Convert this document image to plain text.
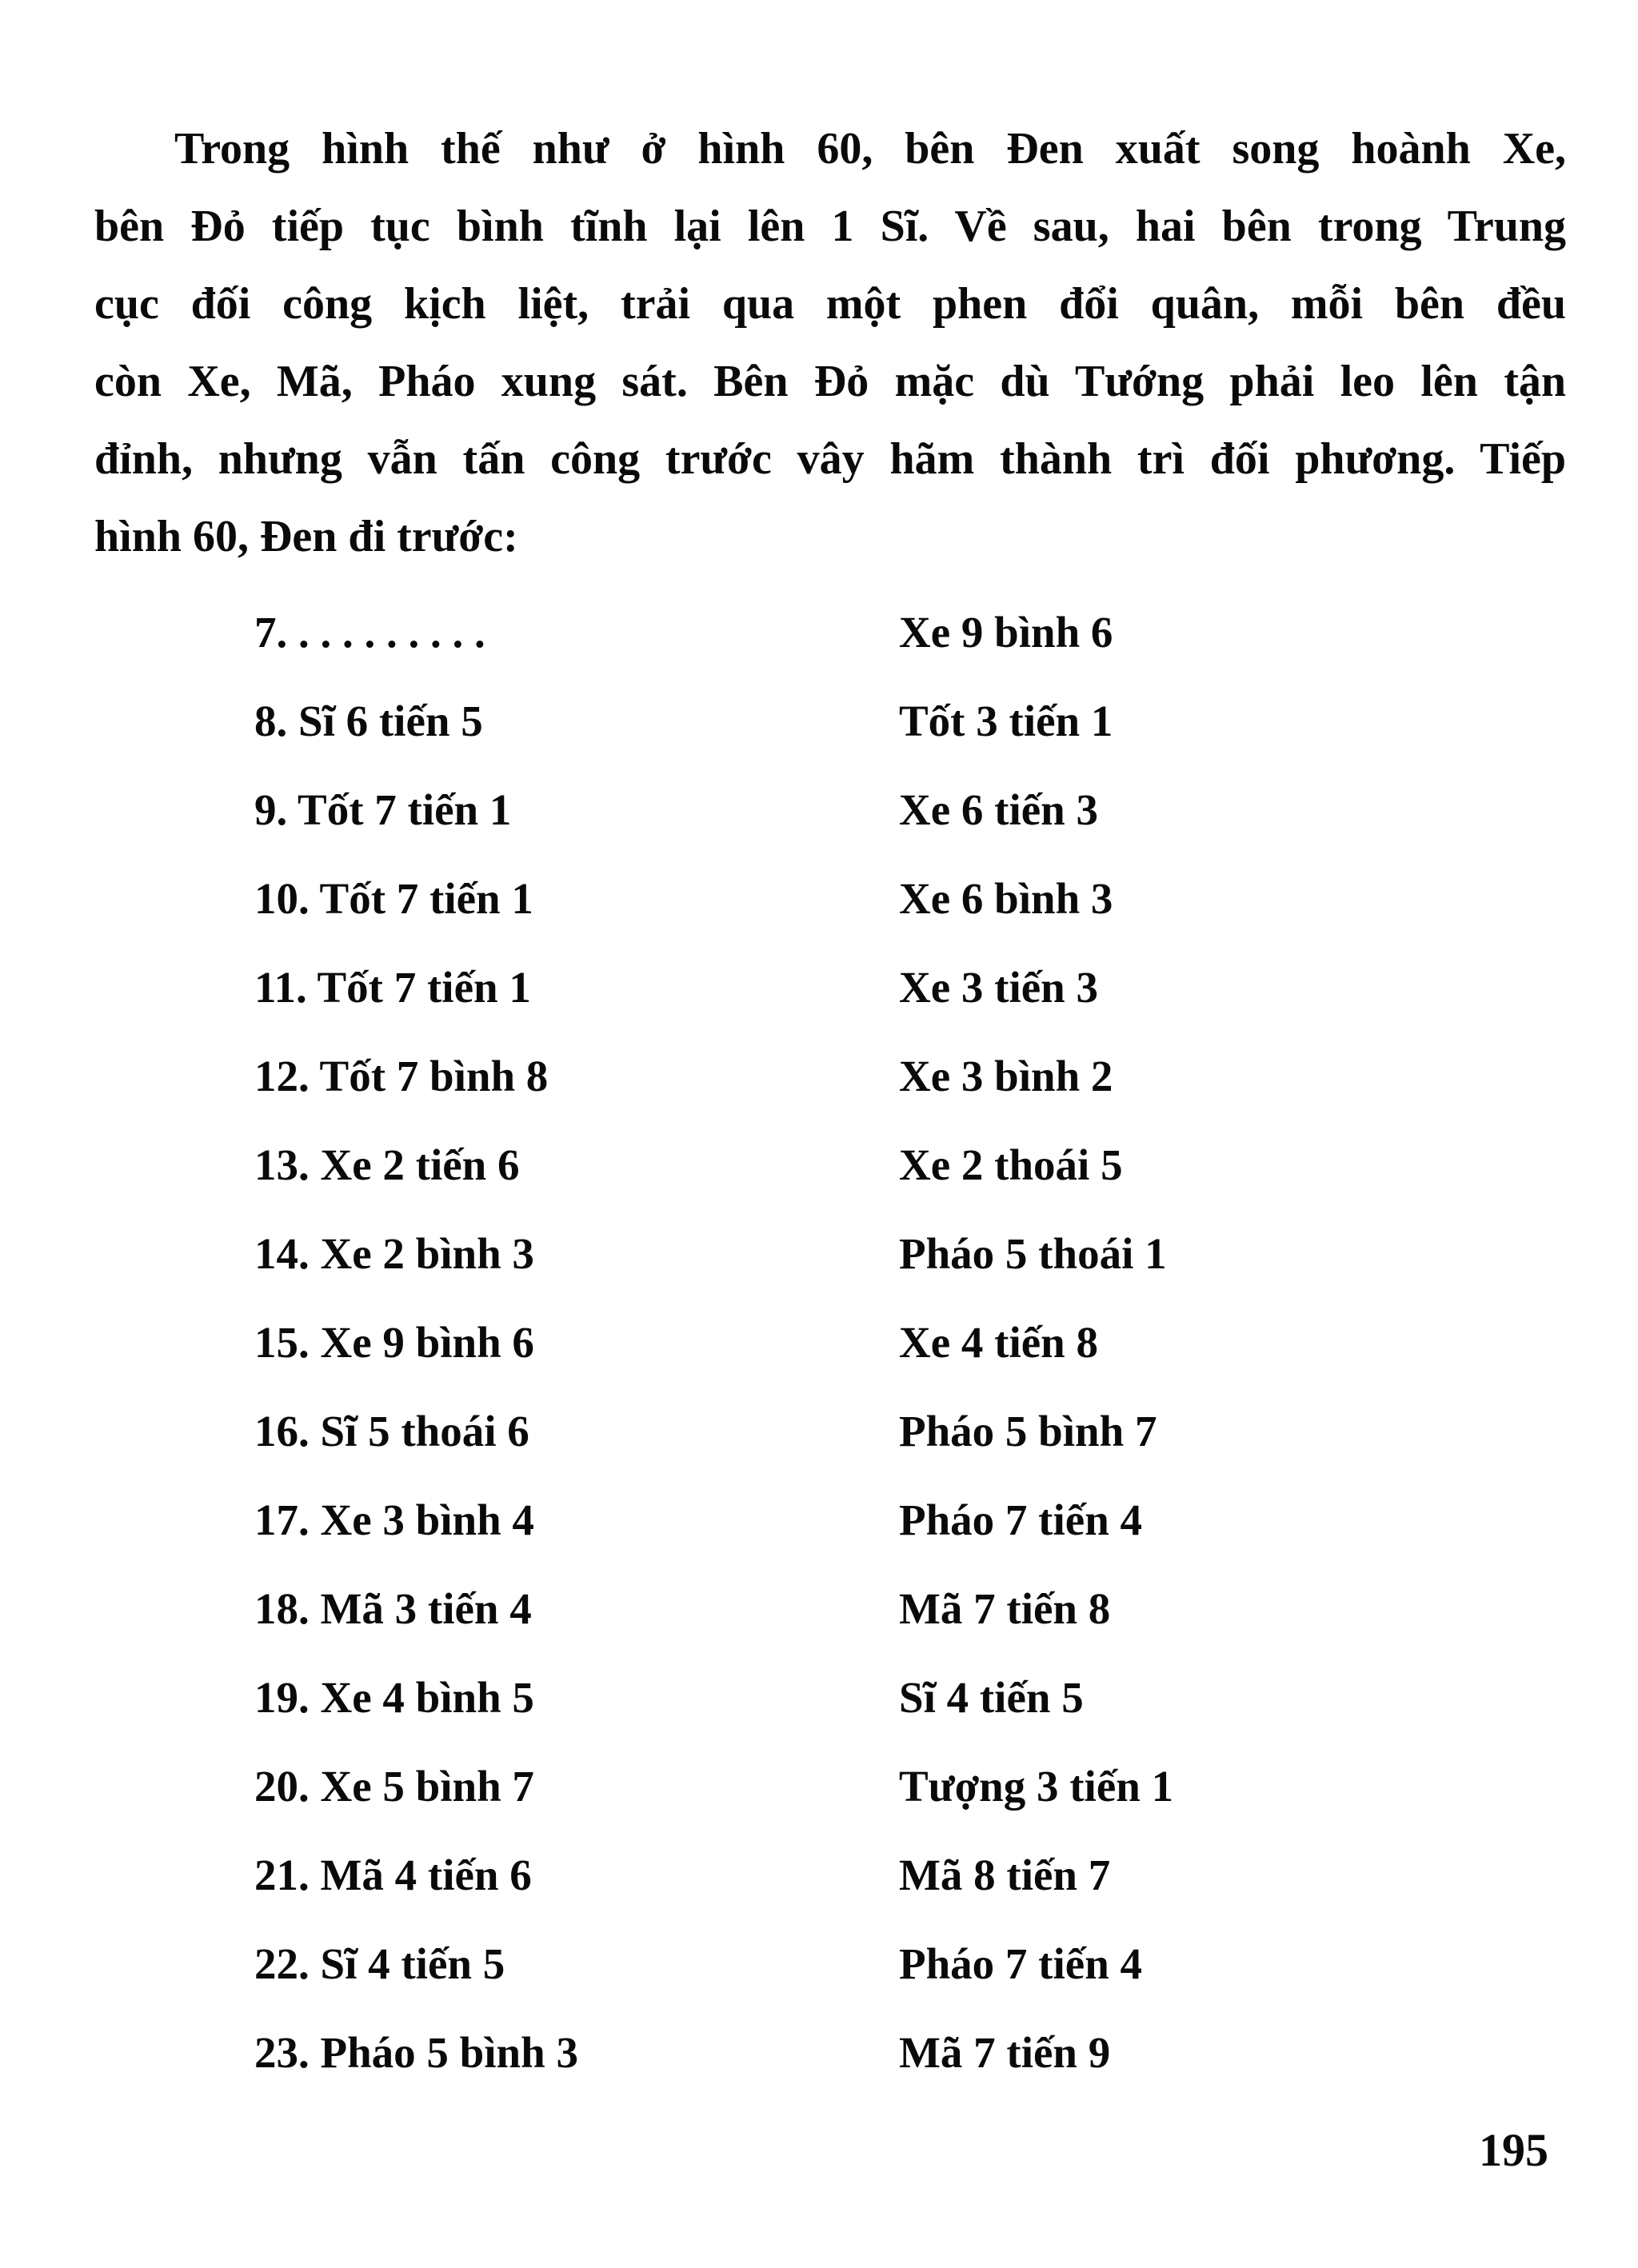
Trong hình thế như ở hình 60, bên Đen xuất song hoành Xe,
bên Đỏ tiếp tục bình tĩnh lại lên 1 Sĩ. Về sau, hai bên trong Trung
cục đối công kịch liệt, trải qua một phen đổi quân, mỗi bên đều
còn Xe, Mã, Pháo xung sát. Bên Đỏ mặc dù Tướng phải leo lên tận
đỉnh, nhưng vẫn tấn công trước vây hãm thành trì đối phương. Tiếp
hình 60, Đen đi trước:

7. . . . . . . . . .	Xe 9 bình 6
8. Sĩ 6 tiến 5	Tốt 3 tiến 1
9. Tốt 7 tiến 1	Xe 6 tiến 3
10. Tốt 7 tiến 1	Xe 6 bình 3
11. Tốt 7 tiến 1	Xe 3 tiến 3
12. Tốt 7 bình 8	Xe 3 bình 2
13. Xe 2 tiến 6	Xe 2 thoái 5
14. Xe 2 bình 3	Pháo 5 thoái 1
15. Xe 9 bình 6	Xe 4 tiến 8
16. Sĩ 5 thoái 6	Pháo 5 bình 7
17. Xe 3 bình 4	Pháo 7 tiến 4
18. Mã 3 tiến 4	Mã 7 tiến 8
19. Xe 4 bình 5	Sĩ 4 tiến 5
20. Xe 5 bình 7	Tượng 3 tiến 1
21. Mã 4 tiến 6	Mã 8 tiến 7
22. Sĩ 4 tiến 5	Pháo 7 tiến 4
23. Pháo 5 bình 3	Mã 7 tiến 9
195
